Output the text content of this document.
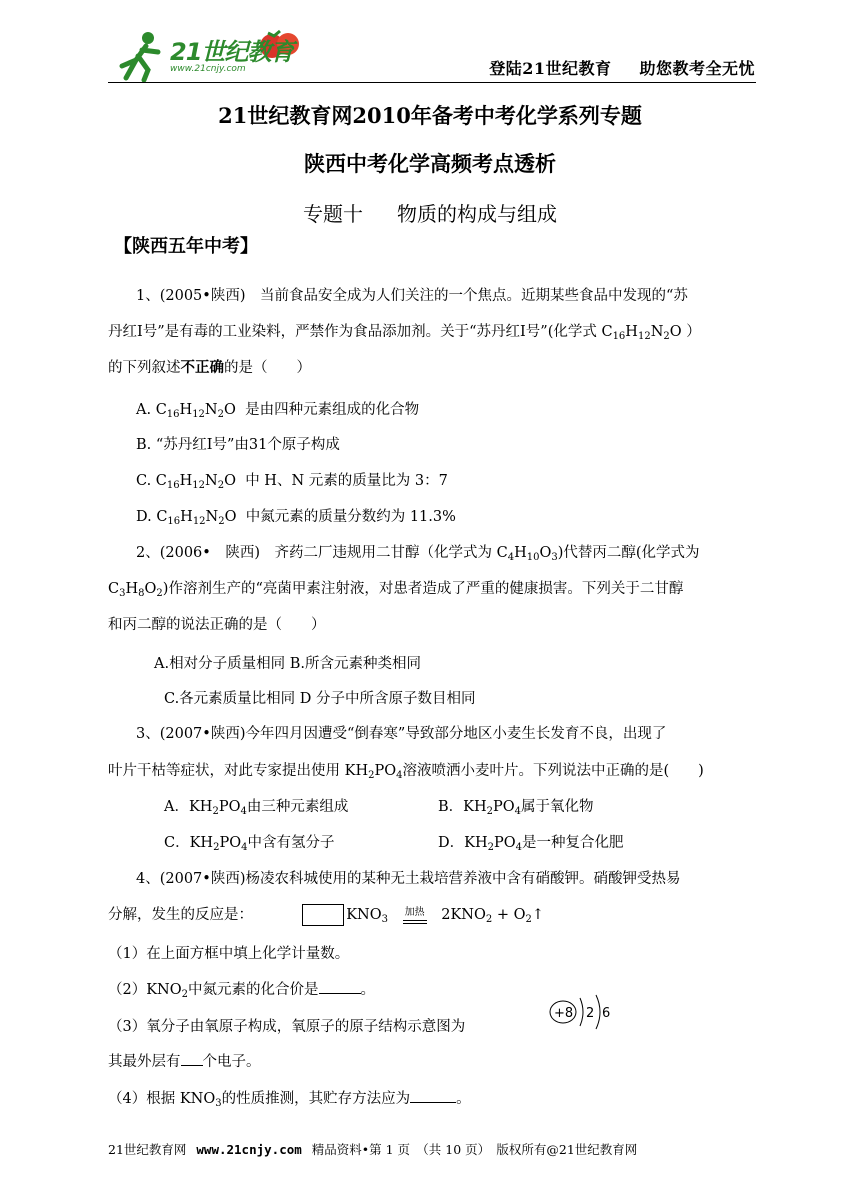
21世纪教育
www.21cnjy.com	登陆21世纪教育 助您教考全无忧
21世纪教育网2010年备考中考化学系列专题
陕西中考化学高频考点透析
专题十 物质的构成与组成
【陕西五年中考】
1、(2005•陕西)　当前食品安全成为人们关注的一个焦点。近期某些食品中发现的“苏
丹红Ⅰ号”是有毒的工业染料，严禁作为食品添加剂。关于“苏丹红Ⅰ号”(化学式 $C_{16}H_{12}N_2O$ ）
的下列叙述不正确的是（　　）
A. $C_{16}H_{12}N_2O$  是由四种元素组成的化合物
B. “苏丹红Ⅰ号”由31个原子构成
C. $C_{16}H_{12}N_2O$  中 H、N 元素的质量比为 3：7
D. $C_{16}H_{12}N_2O$  中氮元素的质量分数约为 11.3%
2、(2006•　陕西)　齐药二厂违规用二甘醇（化学式为 $C_4H_{10}O_3$)代替丙二醇(化学式为
$C_3H_8O_2$)作溶剂生产的“亮菌甲素注射液，对患者造成了严重的健康损害。下列关于二甘醇
和丙二醇的说法正确的是（　　）
A.相对分子质量相同 B.所含元素种类相同
C.各元素质量比相同 D 分子中所含原子数目相同
3、(2007•陕西)今年四月因遭受“倒春寒”导致部分地区小麦生长发育不良，出现了
叶片干枯等症状，对此专家提出使用 $KH_2PO_4$溶液喷洒小麦叶片。下列说法中正确的是(　　)
A．$KH_2PO_4$由三种元素组成	B．$KH_2PO_4$属于氧化物
C．$KH_2PO_4$中含有氢分子	D．$KH_2PO_4$是一种复合化肥
4、(2007•陕西)杨凌农科城使用的某种无土栽培营养液中含有硝酸钾。硝酸钾受热易
分解，发生的反应是：	$KNO_3$ 加热
$2KNO_2$ + $O_2↑$
（1）在上面方框中填上化学计量数。
$(2)KNO_2$中氮元素的化合价是	。
（3）氧分子由氧原子构成，氧原子的原子结构示意图为
其最外层有 个电子。
（4）根据 $KNO_3$的性质推测，其贮存方法应为	。
+8 2 6
21世纪教育网 www.21cnjy.com 精品资料•第 1 页　（共 10 页）　版权所有@21世纪教育网
